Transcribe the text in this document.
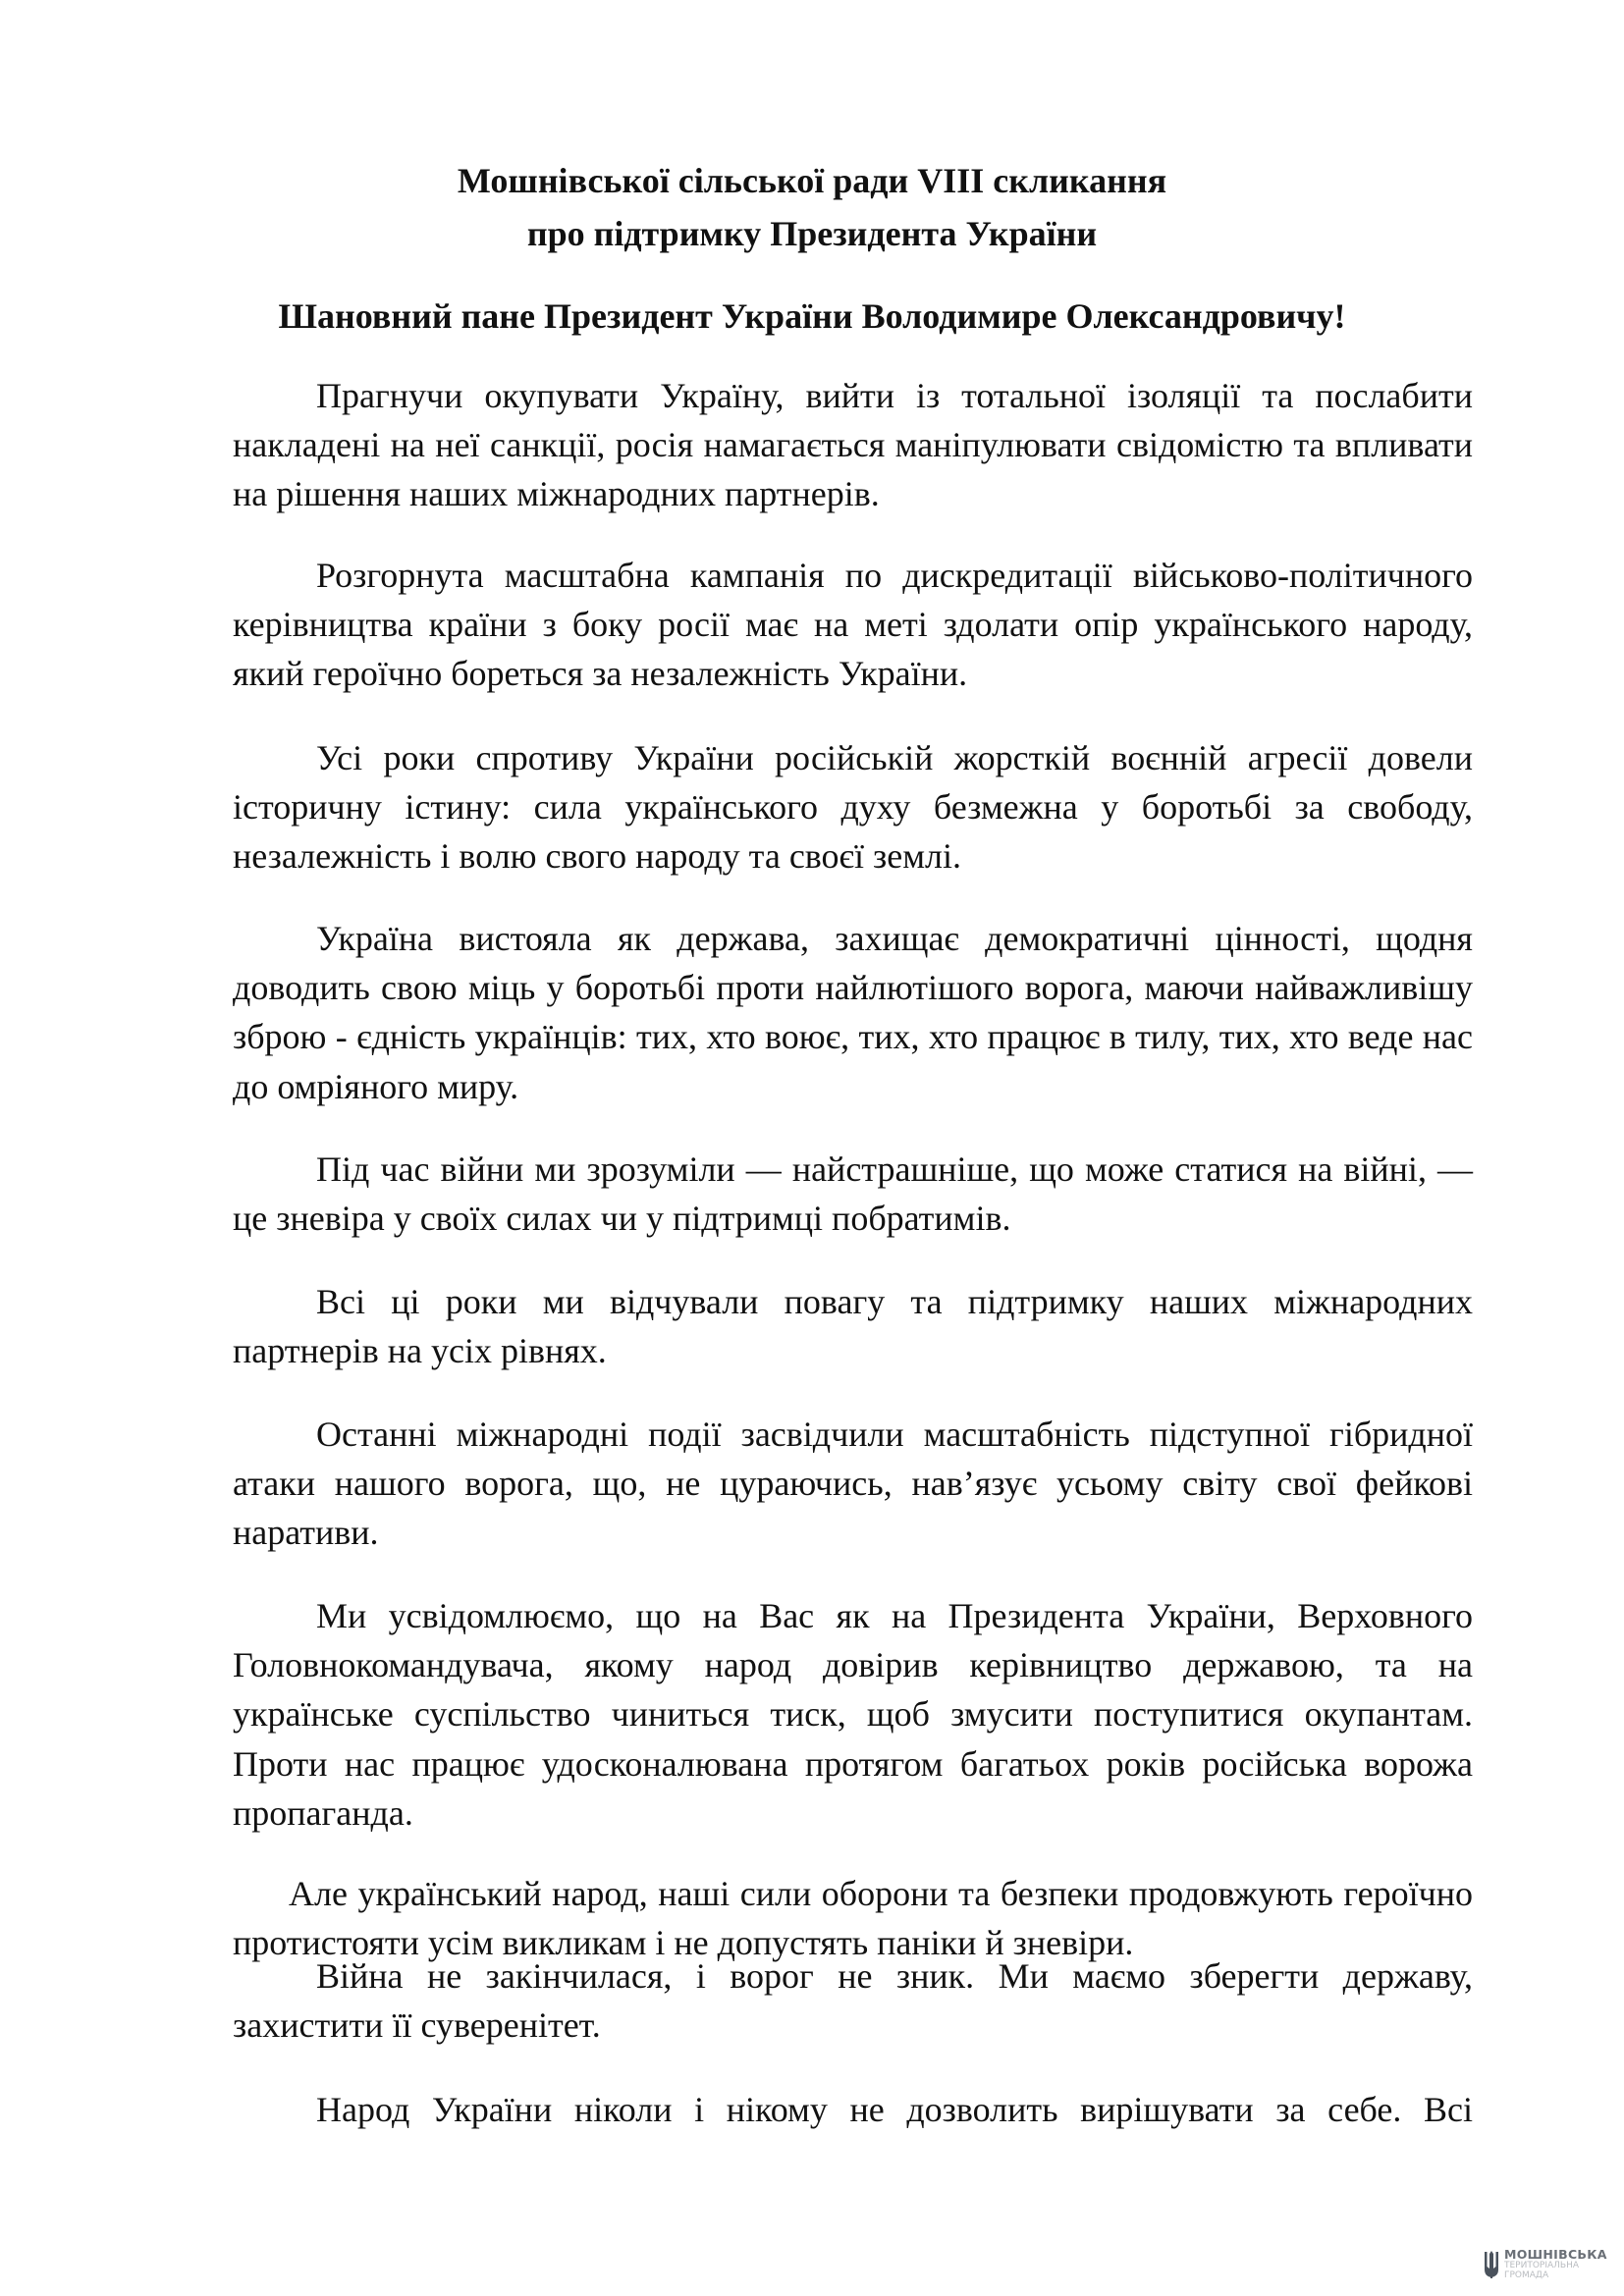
Мошнівської сільської ради VIII скликання
про підтримку Президента України
Шановний пане Президент України Володимире Олександровичу!

Прагнучи окупувати Україну, вийти із тотальної ізоляції та послабити накладені на неї санкції, росія намагається маніпулювати свідомістю та впливати на рішення наших міжнародних партнерів.

Розгорнута масштабна кампанія по дискредитації військово-політичного керівництва країни з боку росії має на меті здолати опір українського народу, який героїчно бореться за незалежність України.

Усі роки спротиву України російській жорсткій воєнній агресії довели історичну істину: сила українського духу безмежна у боротьбі за свободу, незалежність і волю свого народу та своєї землі.

Україна вистояла як держава, захищає демократичні цінності, щодня доводить свою міць у боротьбі проти найлютішого ворога, маючи найважливішу зброю - єдність українців: тих, хто воює, тих, хто працює в тилу, тих, хто веде нас до омріяного миру.

Під час війни ми зрозуміли — найстрашніше, що може статися на війні, — це зневіра у своїх силах чи у підтримці побратимів.

Всі ці роки ми відчували повагу та підтримку наших міжнародних партнерів на усіх рівнях.

Останні міжнародні події засвідчили масштабність підступної гібридної атаки нашого ворога, що, не цураючись, нав’язує усьому світу свої фейкові наративи.

Ми усвідомлюємо, що на Вас як на Президента України, Верховного Головнокомандувача, якому народ довірив керівництво державою, та на українське суспільство чиниться тиск, щоб змусити поступитися окупантам. Проти нас працює удосконалювана протягом багатьох років російська ворожа пропаганда.

Але український народ, наші сили оборони та безпеки продовжують героїчно протистояти усім викликам і не допустять паніки й зневіри.

Війна не закінчилася, і ворог не зник. Ми маємо зберегти державу, захистити її суверенітет.

Народ України ніколи і нікому не дозволить вирішувати за себе. Всі

МОШНІВСЬКА
ТЕРИТОРІАЛЬНА
ГРОМАДА
